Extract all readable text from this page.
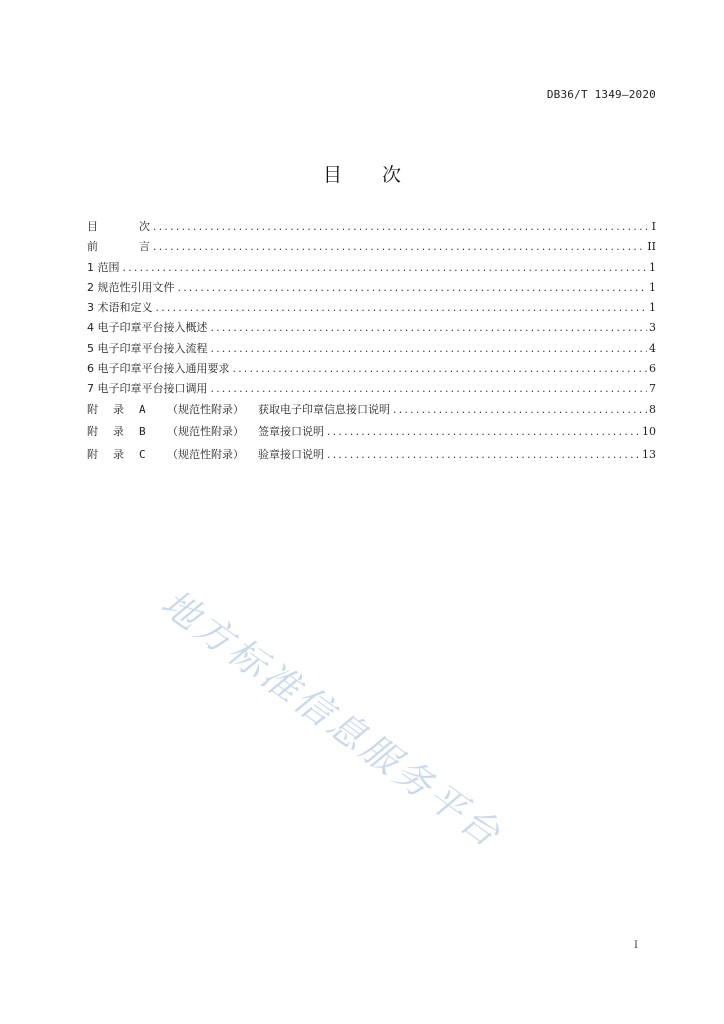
DB36/T 1349—2020
目 次
目	次 .....	I
前	言 .....	II
1 范围 .....	1
2 规范性引用文件 .....	1
3 术语和定义 .....	1
4 电子印章平台接入概述 .....	3
5 电子印章平台接入流程 .....	4
6 电子印章平台接入通用要求 .....	6
7 电子印章平台接口调用 .....	7
附 录 A （规范性附录） 获取电子印章信息接口说明 .....	8
附 录 B （规范性附录） 签章接口说明 .....	10
附 录 C （规范性附录） 验章接口说明 .....	13
地方标准信息服务平台
I
